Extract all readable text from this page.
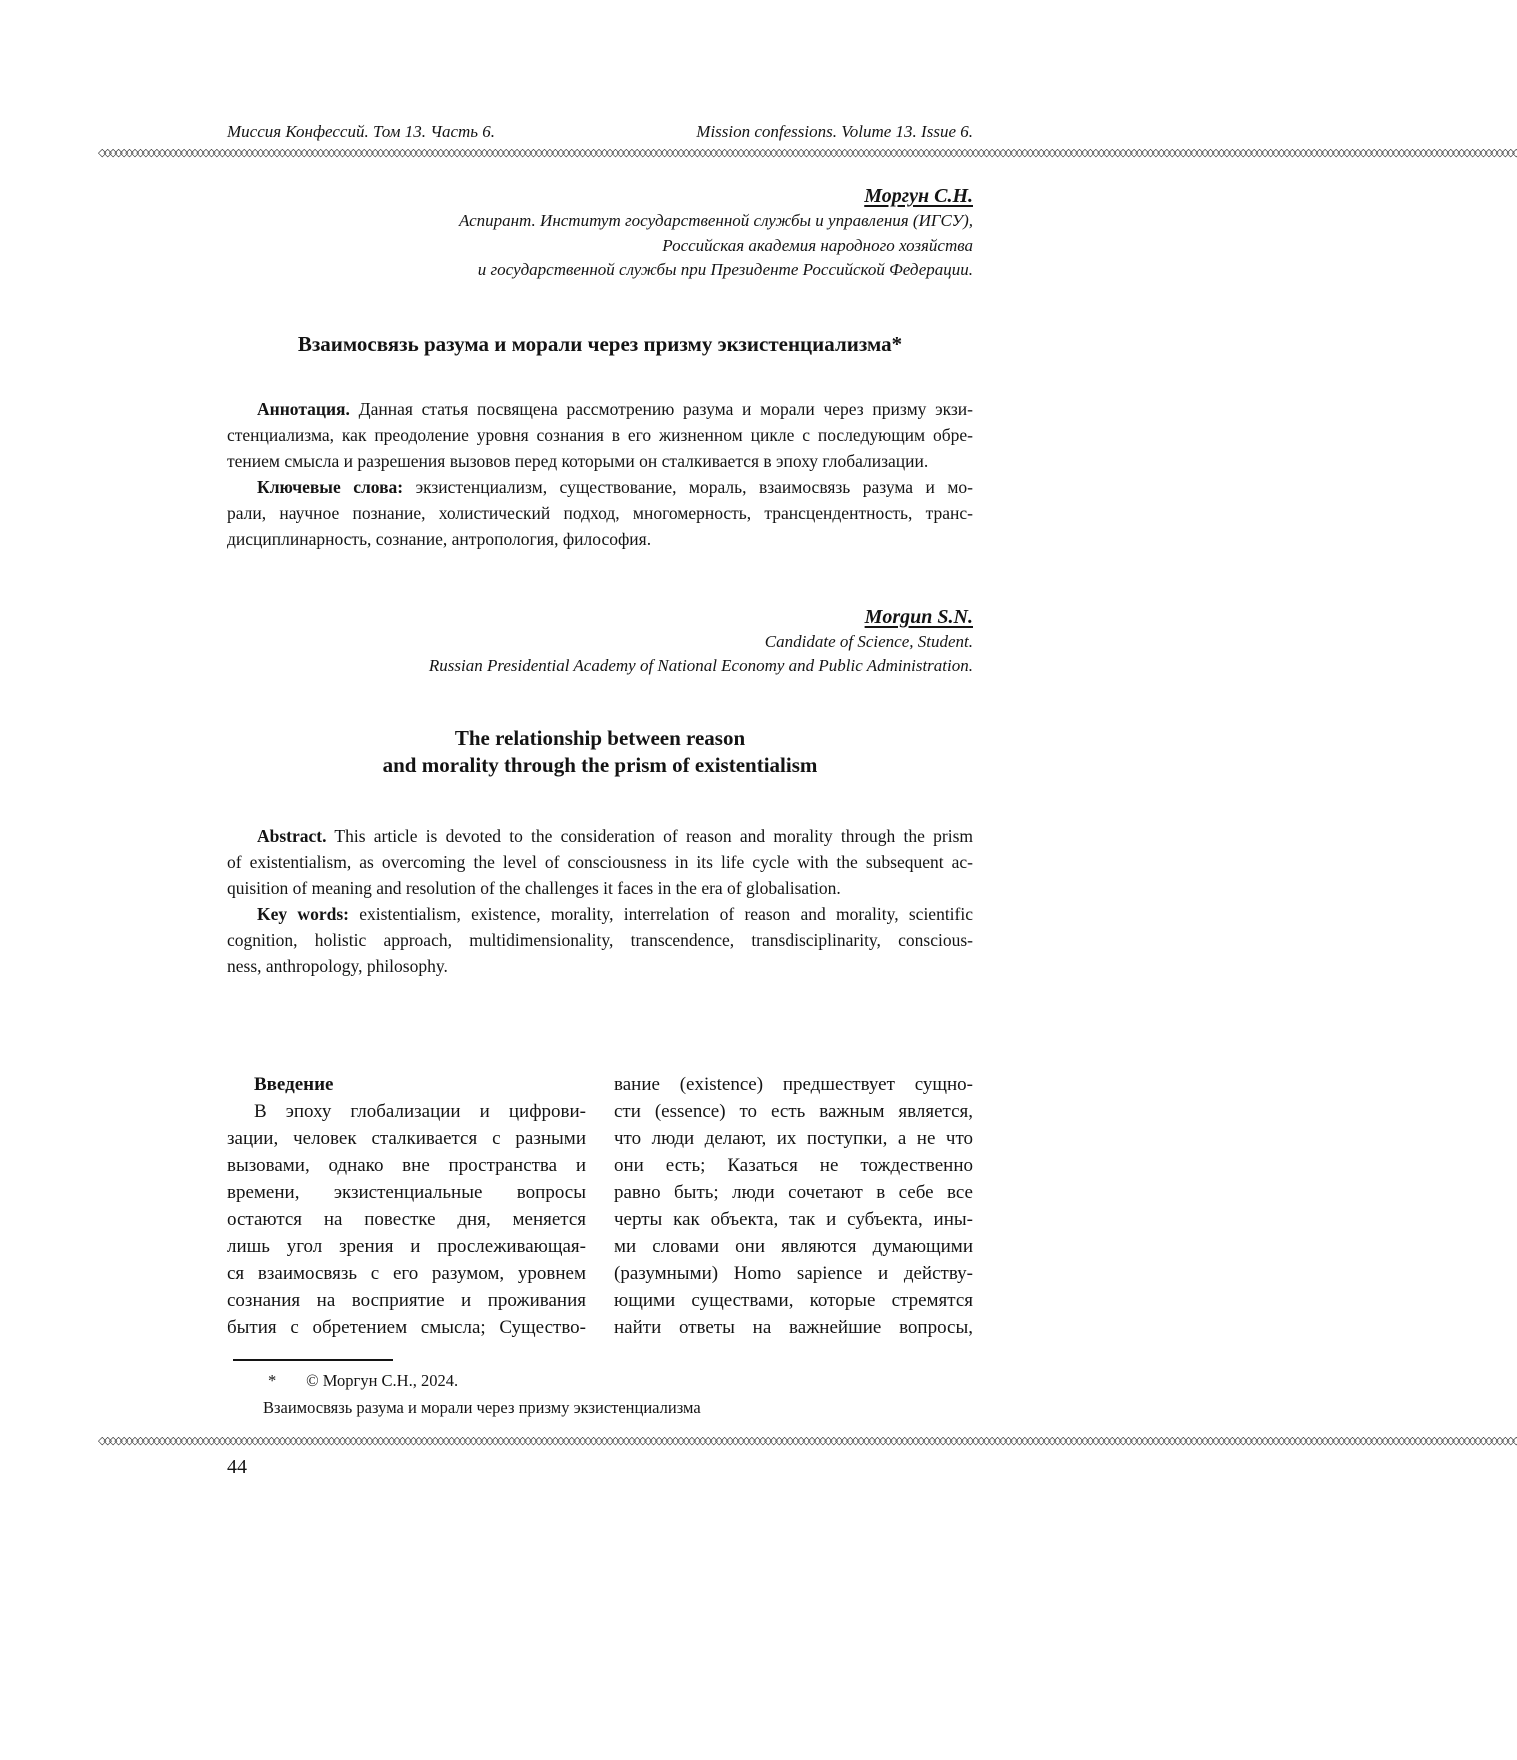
Миссия Конфессий. Том 13. Часть 6.	Mission confessions. Volume 13. Issue 6.
◇◇◇◇◇◇◇◇◇◇◇◇◇◇◇◇◇◇◇◇◇◇◇◇◇◇◇◇◇◇◇◇◇◇◇◇◇◇◇◇◇◇◇◇◇◇◇◇◇◇◇◇◇◇◇◇◇◇◇◇◇◇◇◇◇◇◇◇◇◇◇◇◇◇◇◇◇◇◇◇◇◇◇◇◇◇◇◇◇◇◇◇◇◇◇◇◇◇◇◇◇◇◇◇◇◇◇◇◇◇◇◇◇◇◇◇◇◇◇◇◇◇◇◇◇◇◇◇◇◇◇◇◇◇◇◇◇◇◇◇◇◇◇◇◇◇◇◇◇◇◇◇◇◇◇◇◇◇◇◇◇◇◇◇◇◇◇◇◇◇◇◇◇◇◇◇◇◇◇◇◇◇◇◇◇◇◇◇◇◇◇◇◇◇◇◇◇◇◇◇◇◇◇◇◇◇◇◇◇◇◇◇◇◇◇◇◇◇◇◇◇◇◇◇◇◇◇◇◇◇◇◇◇◇◇◇◇◇◇◇◇◇◇◇◇◇◇◇◇◇◇◇◇◇◇◇◇◇◇◇
Моргун С.Н.
Аспирант. Институт государственной службы и управления (ИГСУ),
Российская академия народного хозяйства
и государственной службы при Президенте Российской Федерации.
Взаимосвязь разума и морали через призму экзистенциализма*
Аннотация. Данная статья посвящена рассмотрению разума и морали через призму экзи-
стенциализма, как преодоление уровня сознания в его жизненном цикле с последующим обре-
тением смысла и разрешения вызовов перед которыми он сталкивается в эпоху глобализации.
Ключевые слова: экзистенциализм, существование, мораль, взаимосвязь разума и мо-
рали, научное познание, холистический подход, многомерность, трансцендентность, транс-
дисциплинарность, сознание, антропология, философия.
Morgun S.N.
Candidate of Science, Student.
Russian Presidential Academy of National Economy and Public Administration.
The relationship between reason
and morality through the prism of existentialism
Abstract. This article is devoted to the consideration of reason and morality through the prism
of existentialism, as overcoming the level of consciousness in its life cycle with the subsequent ac-
quisition of meaning and resolution of the challenges it faces in the era of globalisation.
Key words: existentialism, existence, morality, interrelation of reason and morality, scientific
cognition, holistic approach, multidimensionality, transcendence, transdisciplinarity, conscious-
ness, anthropology, philosophy.
Введение
В эпоху глобализации и цифрови-
зации, человек сталкивается с разными
вызовами, однако вне пространства и
времени, экзистенциальные вопросы
остаются на повестке дня, меняется
лишь угол зрения и прослеживающая-
ся взаимосвязь с его разумом, уровнем
сознания на восприятие и проживания
бытия с обретением смысла; Существо-
вание (existence) предшествует сущно-
сти (essence) то есть важным является,
что люди делают, их поступки, а не что
они есть; Казаться не тождественно
равно быть; люди сочетают в себе все
черты как объекта, так и субъекта, ины-
ми словами они являются думающими
(разумными) Homo sapience и действу-
ющими существами, которые стремятся
найти ответы на важнейшие вопросы,
* © Моргун С.Н., 2024.
Взаимосвязь разума и морали через призму экзистенциализма
◇◇◇◇◇◇◇◇◇◇◇◇◇◇◇◇◇◇◇◇◇◇◇◇◇◇◇◇◇◇◇◇◇◇◇◇◇◇◇◇◇◇◇◇◇◇◇◇◇◇◇◇◇◇◇◇◇◇◇◇◇◇◇◇◇◇◇◇◇◇◇◇◇◇◇◇◇◇◇◇◇◇◇◇◇◇◇◇◇◇◇◇◇◇◇◇◇◇◇◇◇◇◇◇◇◇◇◇◇◇◇◇◇◇◇◇◇◇◇◇◇◇◇◇◇◇◇◇◇◇◇◇◇◇◇◇◇◇◇◇◇◇◇◇◇◇◇◇◇◇◇◇◇◇◇◇◇◇◇◇◇◇◇◇◇◇◇◇◇◇◇◇◇◇◇◇◇◇◇◇◇◇◇◇◇◇◇◇◇◇◇◇◇◇◇◇◇◇◇◇◇◇◇◇◇◇◇◇◇◇◇◇◇◇◇◇◇◇◇◇◇◇◇◇◇◇◇◇◇◇◇◇◇◇◇◇◇◇◇◇◇◇◇◇◇◇◇◇◇◇◇◇◇◇◇◇◇◇◇◇
44
